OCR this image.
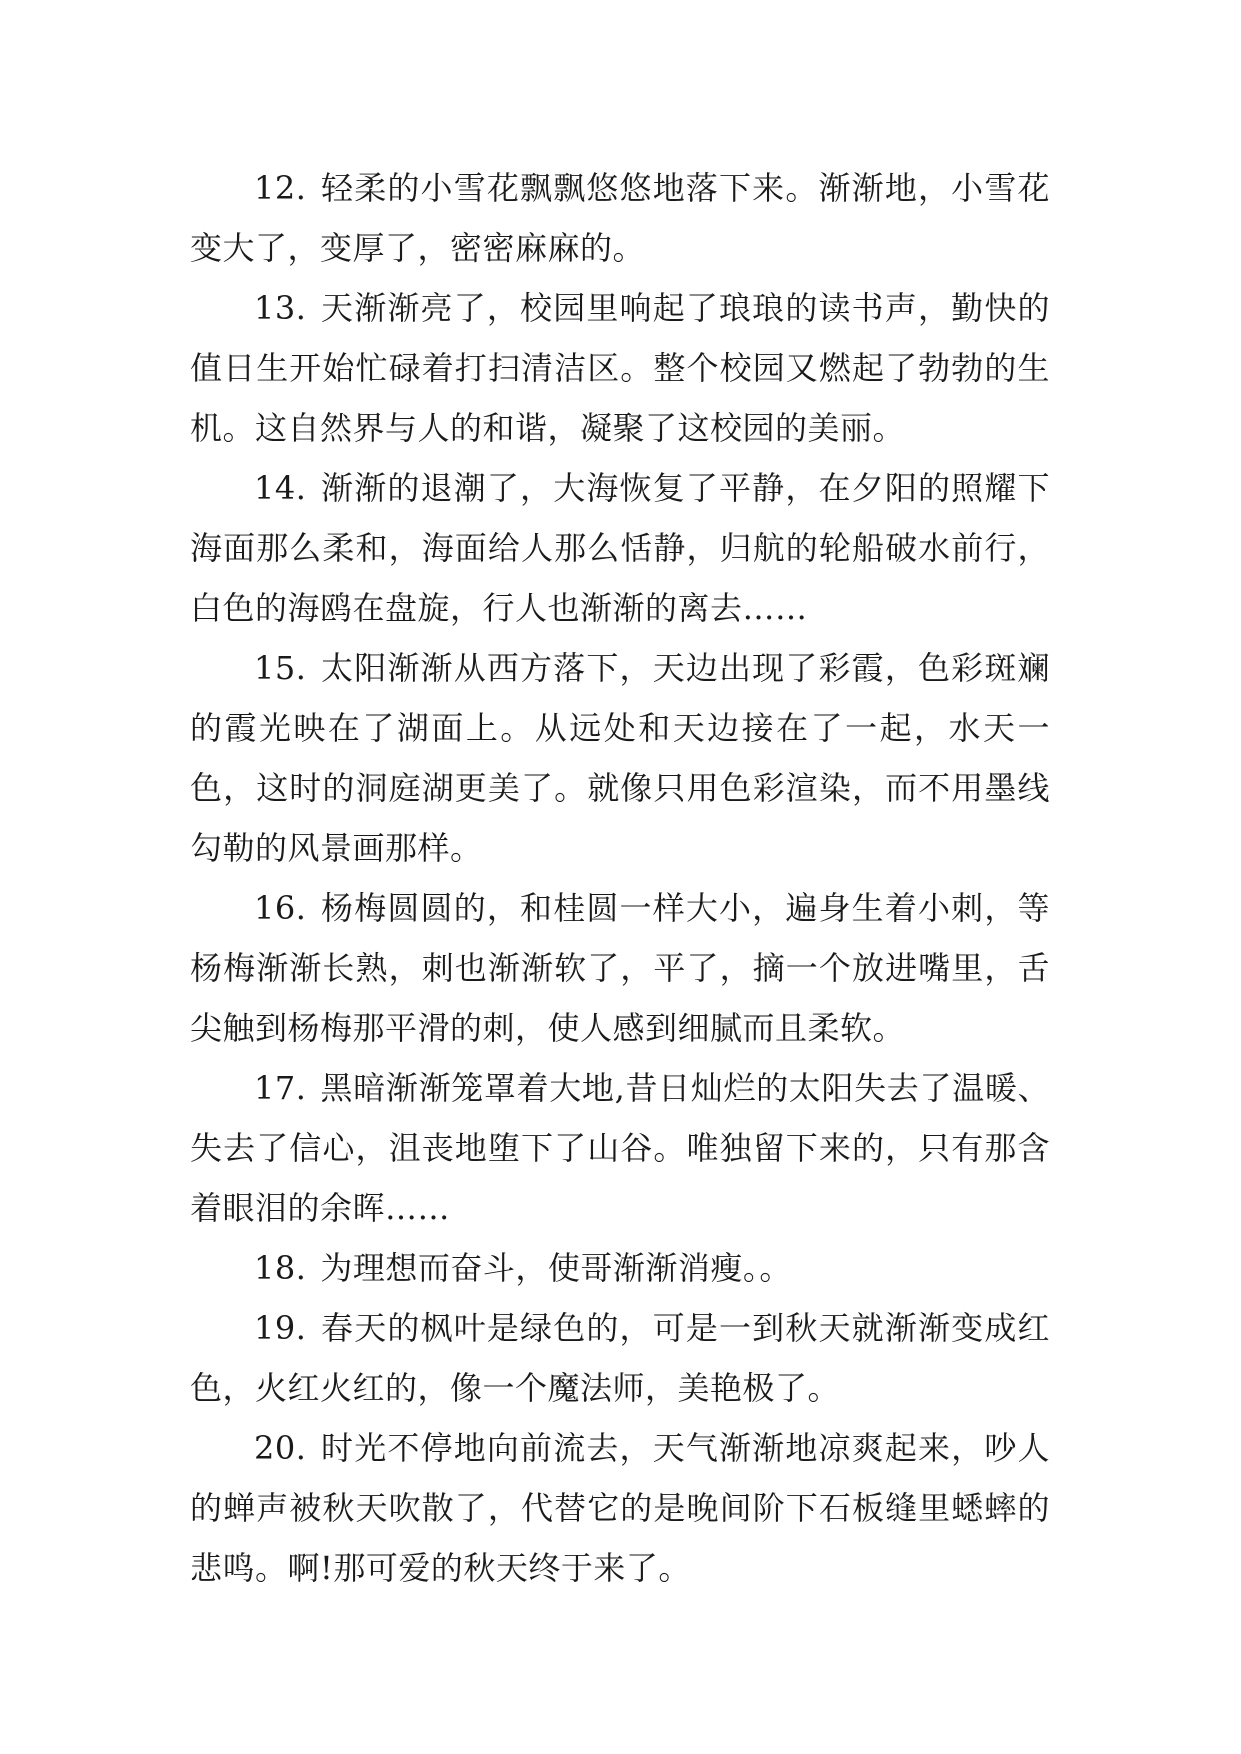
12. 轻柔的小雪花飘飘悠悠地落下来。渐渐地，小雪花变大了，变厚了，密密麻麻的。

13. 天渐渐亮了，校园里响起了琅琅的读书声，勤快的值日生开始忙碌着打扫清洁区。整个校园又燃起了勃勃的生机。这自然界与人的和谐，凝聚了这校园的美丽。

14. 渐渐的退潮了，大海恢复了平静，在夕阳的照耀下海面那么柔和，海面给人那么恬静，归航的轮船破水前行，白色的海鸥在盘旋，行人也渐渐的离去……

15. 太阳渐渐从西方落下，天边出现了彩霞，色彩斑斓的霞光映在了湖面上。从远处和天边接在了一起，水天一色，这时的洞庭湖更美了。就像只用色彩渲染，而不用墨线勾勒的风景画那样。

16. 杨梅圆圆的，和桂圆一样大小，遍身生着小刺，等杨梅渐渐长熟，刺也渐渐软了，平了，摘一个放进嘴里，舌尖触到杨梅那平滑的刺，使人感到细腻而且柔软。

17. 黑暗渐渐笼罩着大地,昔日灿烂的太阳失去了温暖、失去了信心，沮丧地堕下了山谷。唯独留下来的，只有那含着眼泪的余晖……

18. 为理想而奋斗，使哥渐渐消瘦。。

19. 春天的枫叶是绿色的，可是一到秋天就渐渐变成红色，火红火红的，像一个魔法师，美艳极了。

20. 时光不停地向前流去，天气渐渐地凉爽起来，吵人的蝉声被秋天吹散了，代替它的是晚间阶下石板缝里蟋蟀的悲鸣。啊!那可爱的秋天终于来了。
